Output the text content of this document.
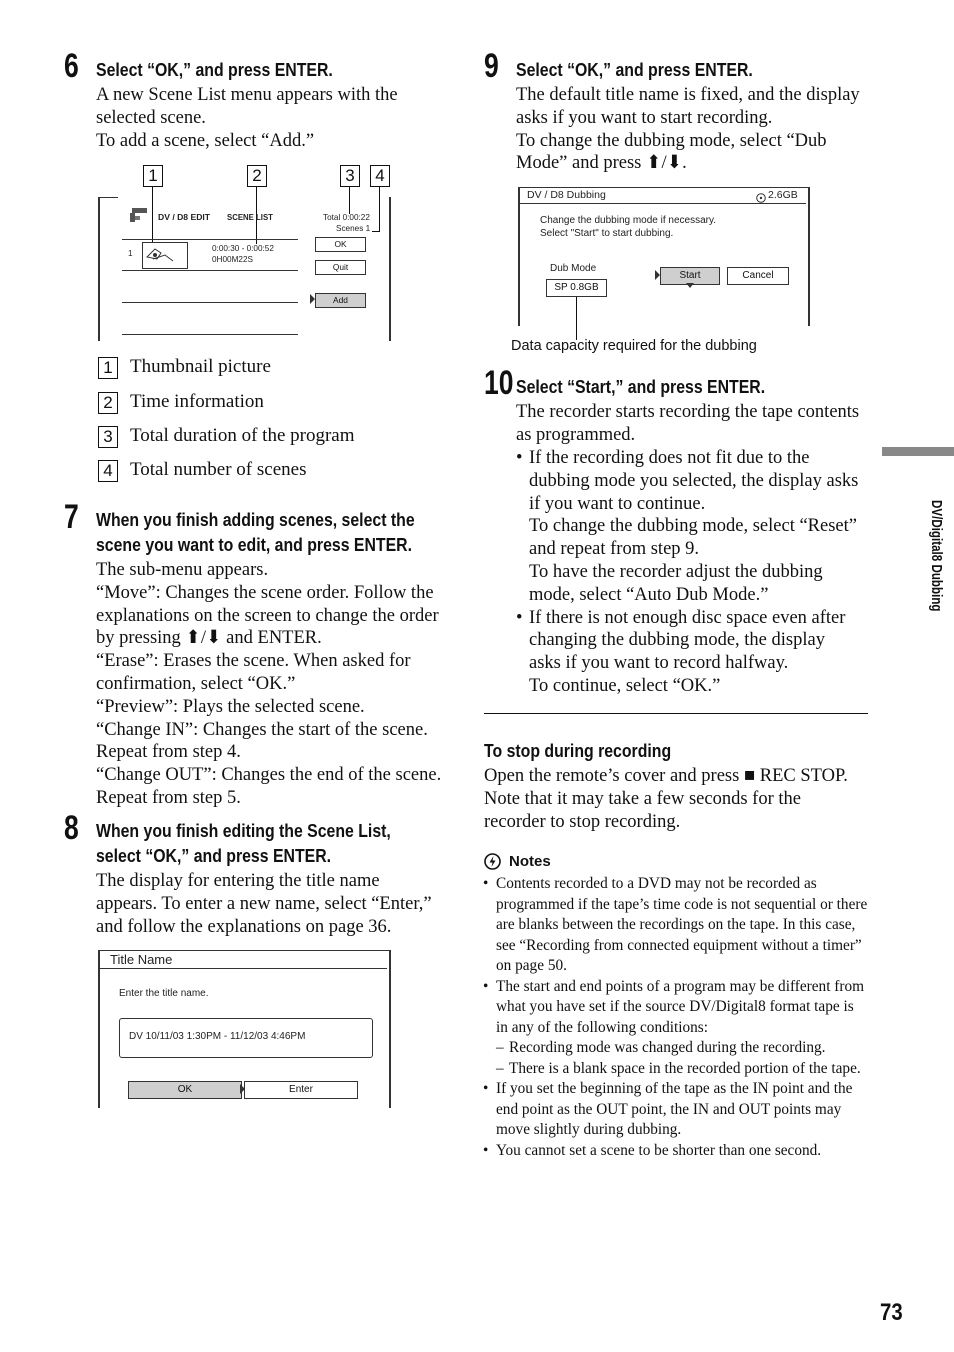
DV/Digital8 Dubbing
6 Select “OK,” and press ENTER.

A new Scene List menu appears with the

selected scene.

To add a scene, select “Add.”

1	2	3	4
DV / D8 EDIT SCENE LIST	Total 0:00:22
Scenes 1
1
0:00:30 - 0:00:52
0H00M22S
OK
Quit
Add
1 Thumbnail picture
2 Time information
3 Total duration of the program
4 Total number of scenes
7 When you finish adding scenes, select the
scene you want to edit, and press ENTER.

The sub-menu appears.

“Move”: Changes the scene order. Follow the

explanations on the screen to change the order

by pressing ⬆/⬇ and ENTER.

“Erase”: Erases the scene. When asked for

confirmation, select “OK.”

“Preview”: Plays the selected scene.

“Change IN”: Changes the start of the scene.

Repeat from step 4.

“Change OUT”: Changes the end of the scene.

Repeat from step 5.

8 When you finish editing the Scene List,
select “OK,” and press ENTER.

The display for entering the title name

appears. To enter a new name, select “Enter,”

and follow the explanations on page 36.

Title Name
Enter the title name.
DV 10/11/03 1:30PM - 11/12/03 4:46PM
OK	Enter
9 Select “OK,” and press ENTER.

The default title name is fixed, and the display

asks if you want to start recording.

To change the dubbing mode, select “Dub

Mode” and press ⬆/⬇.

DV / D8 Dubbing	2.6GB
Change the dubbing mode if necessary.
Select "Start" to start dubbing.
Dub Mode
SP 0.8GB
Start	Cancel
Data capacity required for the dubbing
10 Select “Start,” and press ENTER.

The recorder starts recording the tape contents

as programmed.

• If the recording does not fit due to the

dubbing mode you selected, the display asks

if you want to continue.

To change the dubbing mode, select “Reset”

and repeat from step 9.

To have the recorder adjust the dubbing

mode, select “Auto Dub Mode.”

• If there is not enough disc space even after

changing the dubbing mode, the display

asks if you want to record halfway.

To continue, select “OK.”

To stop during recording

Open the remote’s cover and press ■ REC STOP.

Note that it may take a few seconds for the

recorder to stop recording.

Notes
• Contents recorded to a DVD may not be recorded as programmed if the tape’s time code is not sequential or there are blanks between the recordings on the tape. In this case, see “Recording from connected equipment without a timer” on page 50.
• The start and end points of a program may be different from what you have set if the source DV/Digital8 format tape is in any of the following conditions:
– Recording mode was changed during the recording.
– There is a blank space in the recorded portion of the tape.
• If you set the beginning of the tape as the IN point and the end point as the OUT point, the IN and OUT points may move slightly during dubbing.
• You cannot set a scene to be shorter than one second.
73
